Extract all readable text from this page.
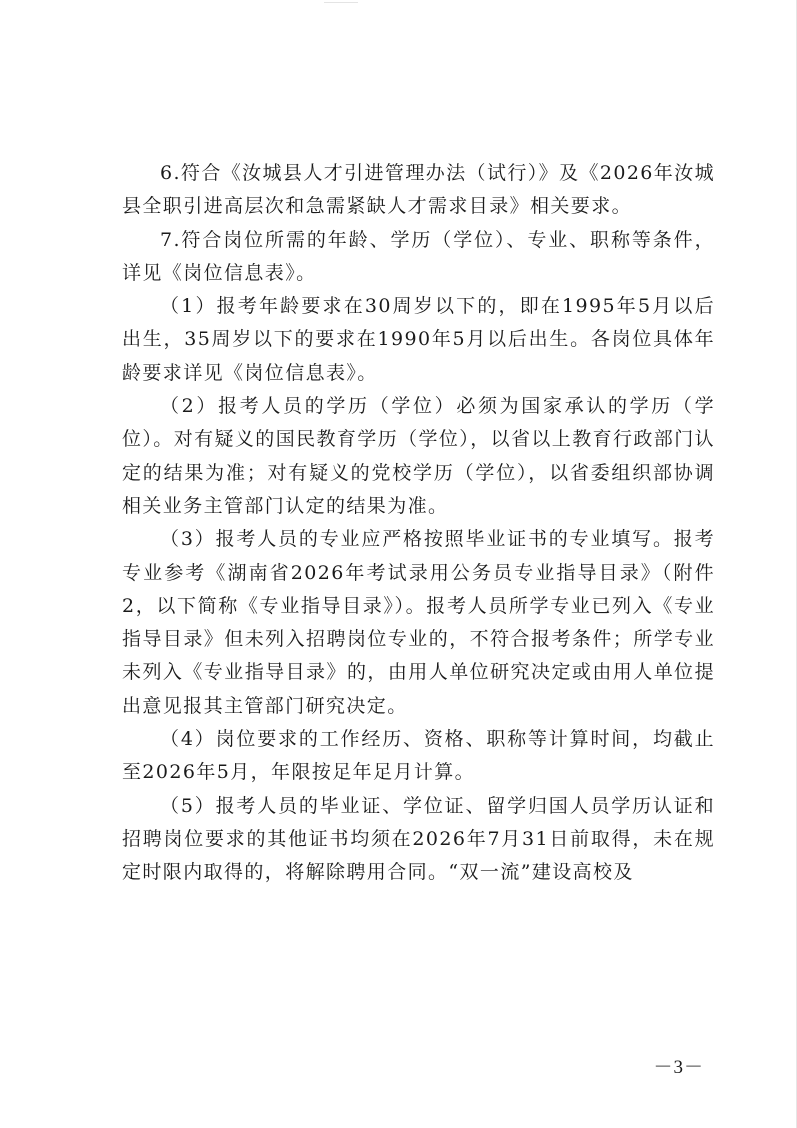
6.符合《汝城县人才引进管理办法（试行）》及《2026年汝城县全职引进高层次和急需紧缺人才需求目录》相关要求。

7.符合岗位所需的年龄、学历（学位）、专业、职称等条件，详见《岗位信息表》。

（1）报考年龄要求在30周岁以下的，即在1995年5月以后出生，35周岁以下的要求在1990年5月以后出生。各岗位具体年龄要求详见《岗位信息表》。

（2）报考人员的学历（学位）必须为国家承认的学历（学位）。对有疑义的国民教育学历（学位），以省以上教育行政部门认定的结果为准；对有疑义的党校学历（学位），以省委组织部协调相关业务主管部门认定的结果为准。

（3）报考人员的专业应严格按照毕业证书的专业填写。报考专业参考《湖南省2026年考试录用公务员专业指导目录》（附件2，以下简称《专业指导目录》）。报考人员所学专业已列入《专业指导目录》但未列入招聘岗位专业的，不符合报考条件；所学专业未列入《专业指导目录》的，由用人单位研究决定或由用人单位提出意见报其主管部门研究决定。

（4）岗位要求的工作经历、资格、职称等计算时间，均截止至2026年5月，年限按足年足月计算。

（5）报考人员的毕业证、学位证、留学归国人员学历认证和招聘岗位要求的其他证书均须在2026年7月31日前取得，未在规定时限内取得的，将解除聘用合同。“双一流”建设高校及

－3－
